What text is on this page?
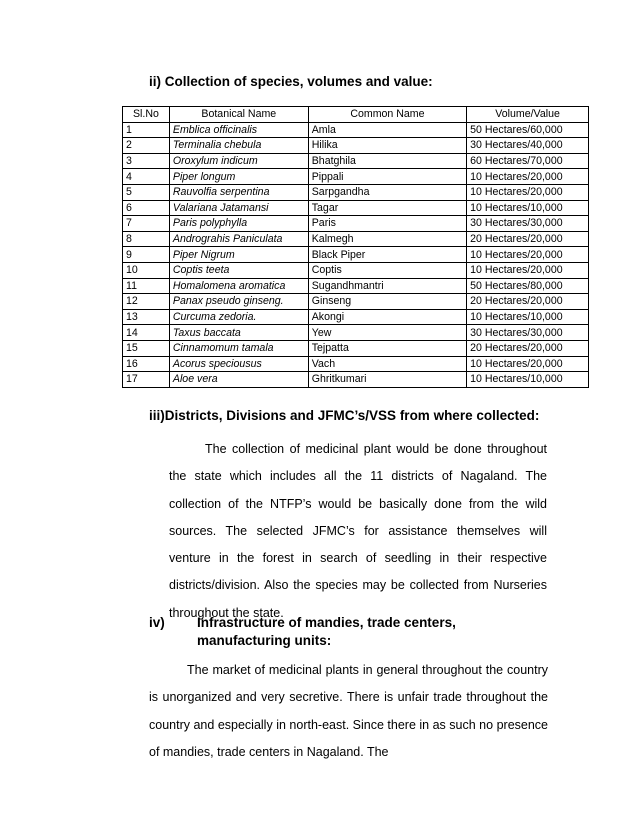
ii) Collection of species, volumes and value:
Sl.No	Botanical Name	Common Name	Volume/Value
1	Emblica officinalis	Amla	50 Hectares/60,000
2	Terminalia chebula	Hilika	30 Hectares/40,000
3	Oroxylum indicum	Bhatghila	60 Hectares/70,000
4	Piper longum	Pippali	10 Hectares/20,000
5	Rauvolfia serpentina	Sarpgandha	10 Hectares/20,000
6	Valariana Jatamansi	Tagar	10 Hectares/10,000
7	Paris polyphylla	Paris	30 Hectares/30,000
8	Andrograhis Paniculata	Kalmegh	20 Hectares/20,000
9	Piper Nigrum	Black Piper	10 Hectares/20,000
10	Coptis teeta	Coptis	10 Hectares/20,000
11	Homalomena aromatica	Sugandhmantri	50 Hectares/80,000
12	Panax pseudo ginseng.	Ginseng	20 Hectares/20,000
13	Curcuma zedoria.	Akongi	10 Hectares/10,000
14	Taxus baccata	Yew	30 Hectares/30,000
15	Cinnamomum tamala	Tejpatta	20 Hectares/20,000
16	Acorus speciousus	Vach	10 Hectares/20,000
17	Aloe vera	Ghritkumari	10 Hectares/10,000
iii)Districts, Divisions and JFMC’s/VSS from where collected:
The collection of medicinal plant would be done throughout the state which includes all the 11 districts of Nagaland. The collection of the NTFP’s would be basically done from the wild sources. The selected JFMC’s for assistance themselves will venture in the forest in search of seedling in their respective districts/division. Also the species may be collected from Nurseries throughout the state.
iv)	Infrastructure of mandies, trade centers, manufacturing units:
The market of medicinal plants in general throughout the country is unorganized and very secretive. There is unfair trade throughout the country and especially in north-east. Since there in as such no presence of mandies, trade centers in Nagaland. The
